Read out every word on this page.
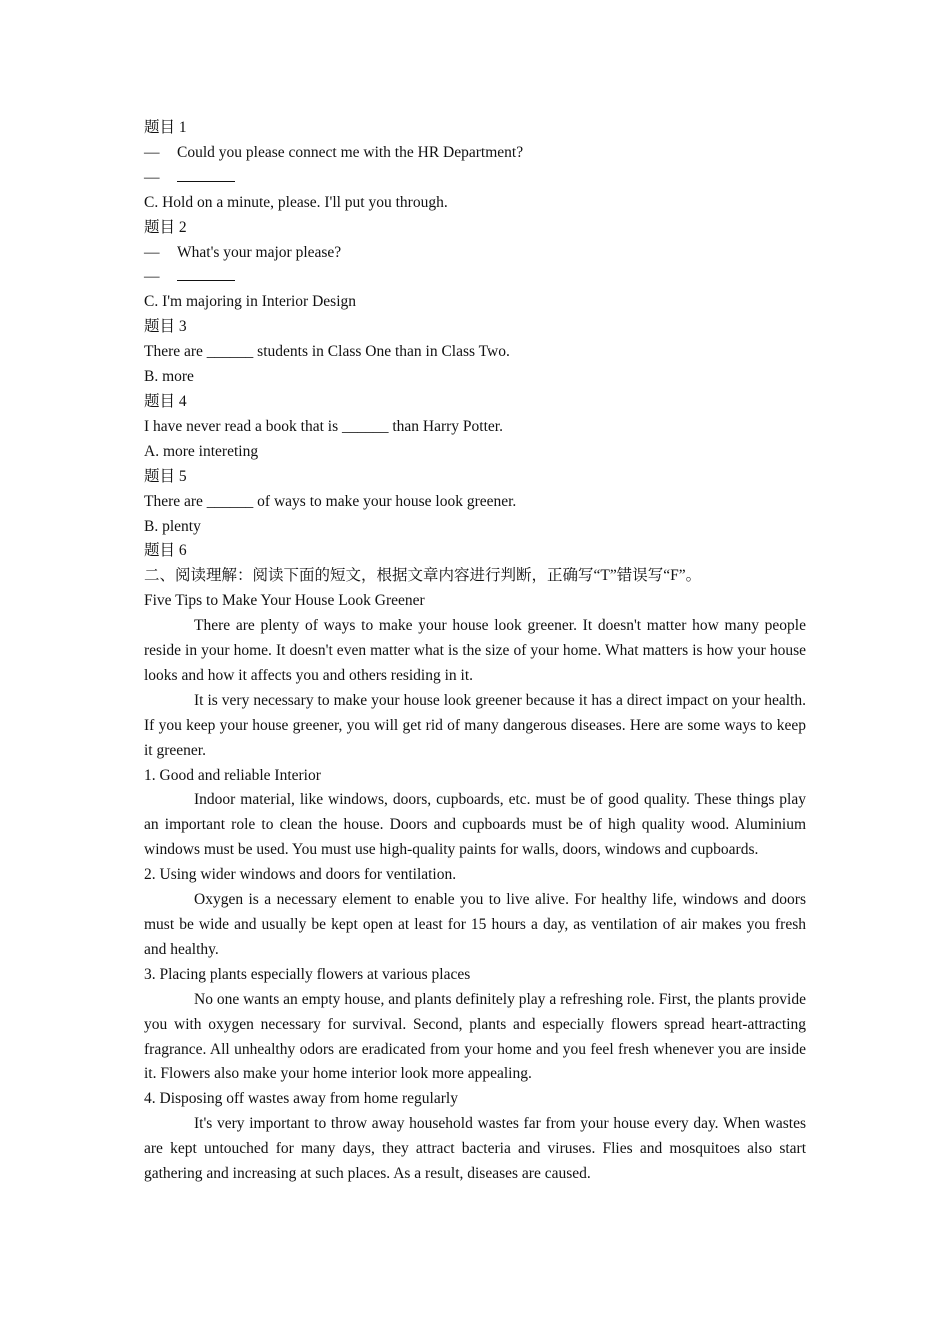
题目 1
— Could you please connect me with the HR Department?
—
C. Hold on a minute, please. I'll put you through.
题目 2
— What's your major please?
—
C. I'm majoring in Interior Design
题目 3
There are ______ students in Class One than in Class Two.
B. more
题目 4
I have never read a book that is ______ than Harry Potter.
A. more intereting
题目 5
There are ______ of ways to make your house look greener.
B. plenty
题目 6
二、阅读理解：阅读下面的短文，根据文章内容进行判断，正确写“T”错误写“F”。
Five Tips to Make Your House Look Greener

There are plenty of ways to make your house look greener. It doesn't matter how many people reside in your home. It doesn't even matter what is the size of your home. What matters is how your house looks and how it affects you and others residing in it.

It is very necessary to make your house look greener because it has a direct impact on your health. If you keep your house greener, you will get rid of many dangerous diseases. Here are some ways to keep it greener.

1. Good and reliable Interior

Indoor material, like windows, doors, cupboards, etc. must be of good quality. These things play an important role to clean the house. Doors and cupboards must be of high quality wood. Aluminium windows must be used. You must use high-quality paints for walls, doors, windows and cupboards.

2. Using wider windows and doors for ventilation.

Oxygen is a necessary element to enable you to live alive. For healthy life, windows and doors must be wide and usually be kept open at least for 15 hours a day, as ventilation of air makes you fresh and healthy.

3. Placing plants especially flowers at various places

No one wants an empty house, and plants definitely play a refreshing role. First, the plants provide you with oxygen necessary for survival. Second, plants and especially flowers spread heart-attracting fragrance. All unhealthy odors are eradicated from your home and you feel fresh whenever you are inside it. Flowers also make your home interior look more appealing.

4. Disposing off wastes away from home regularly

It's very important to throw away household wastes far from your house every day. When wastes are kept untouched for many days, they attract bacteria and viruses. Flies and mosquitoes also start gathering and increasing at such places. As a result, diseases are caused.
